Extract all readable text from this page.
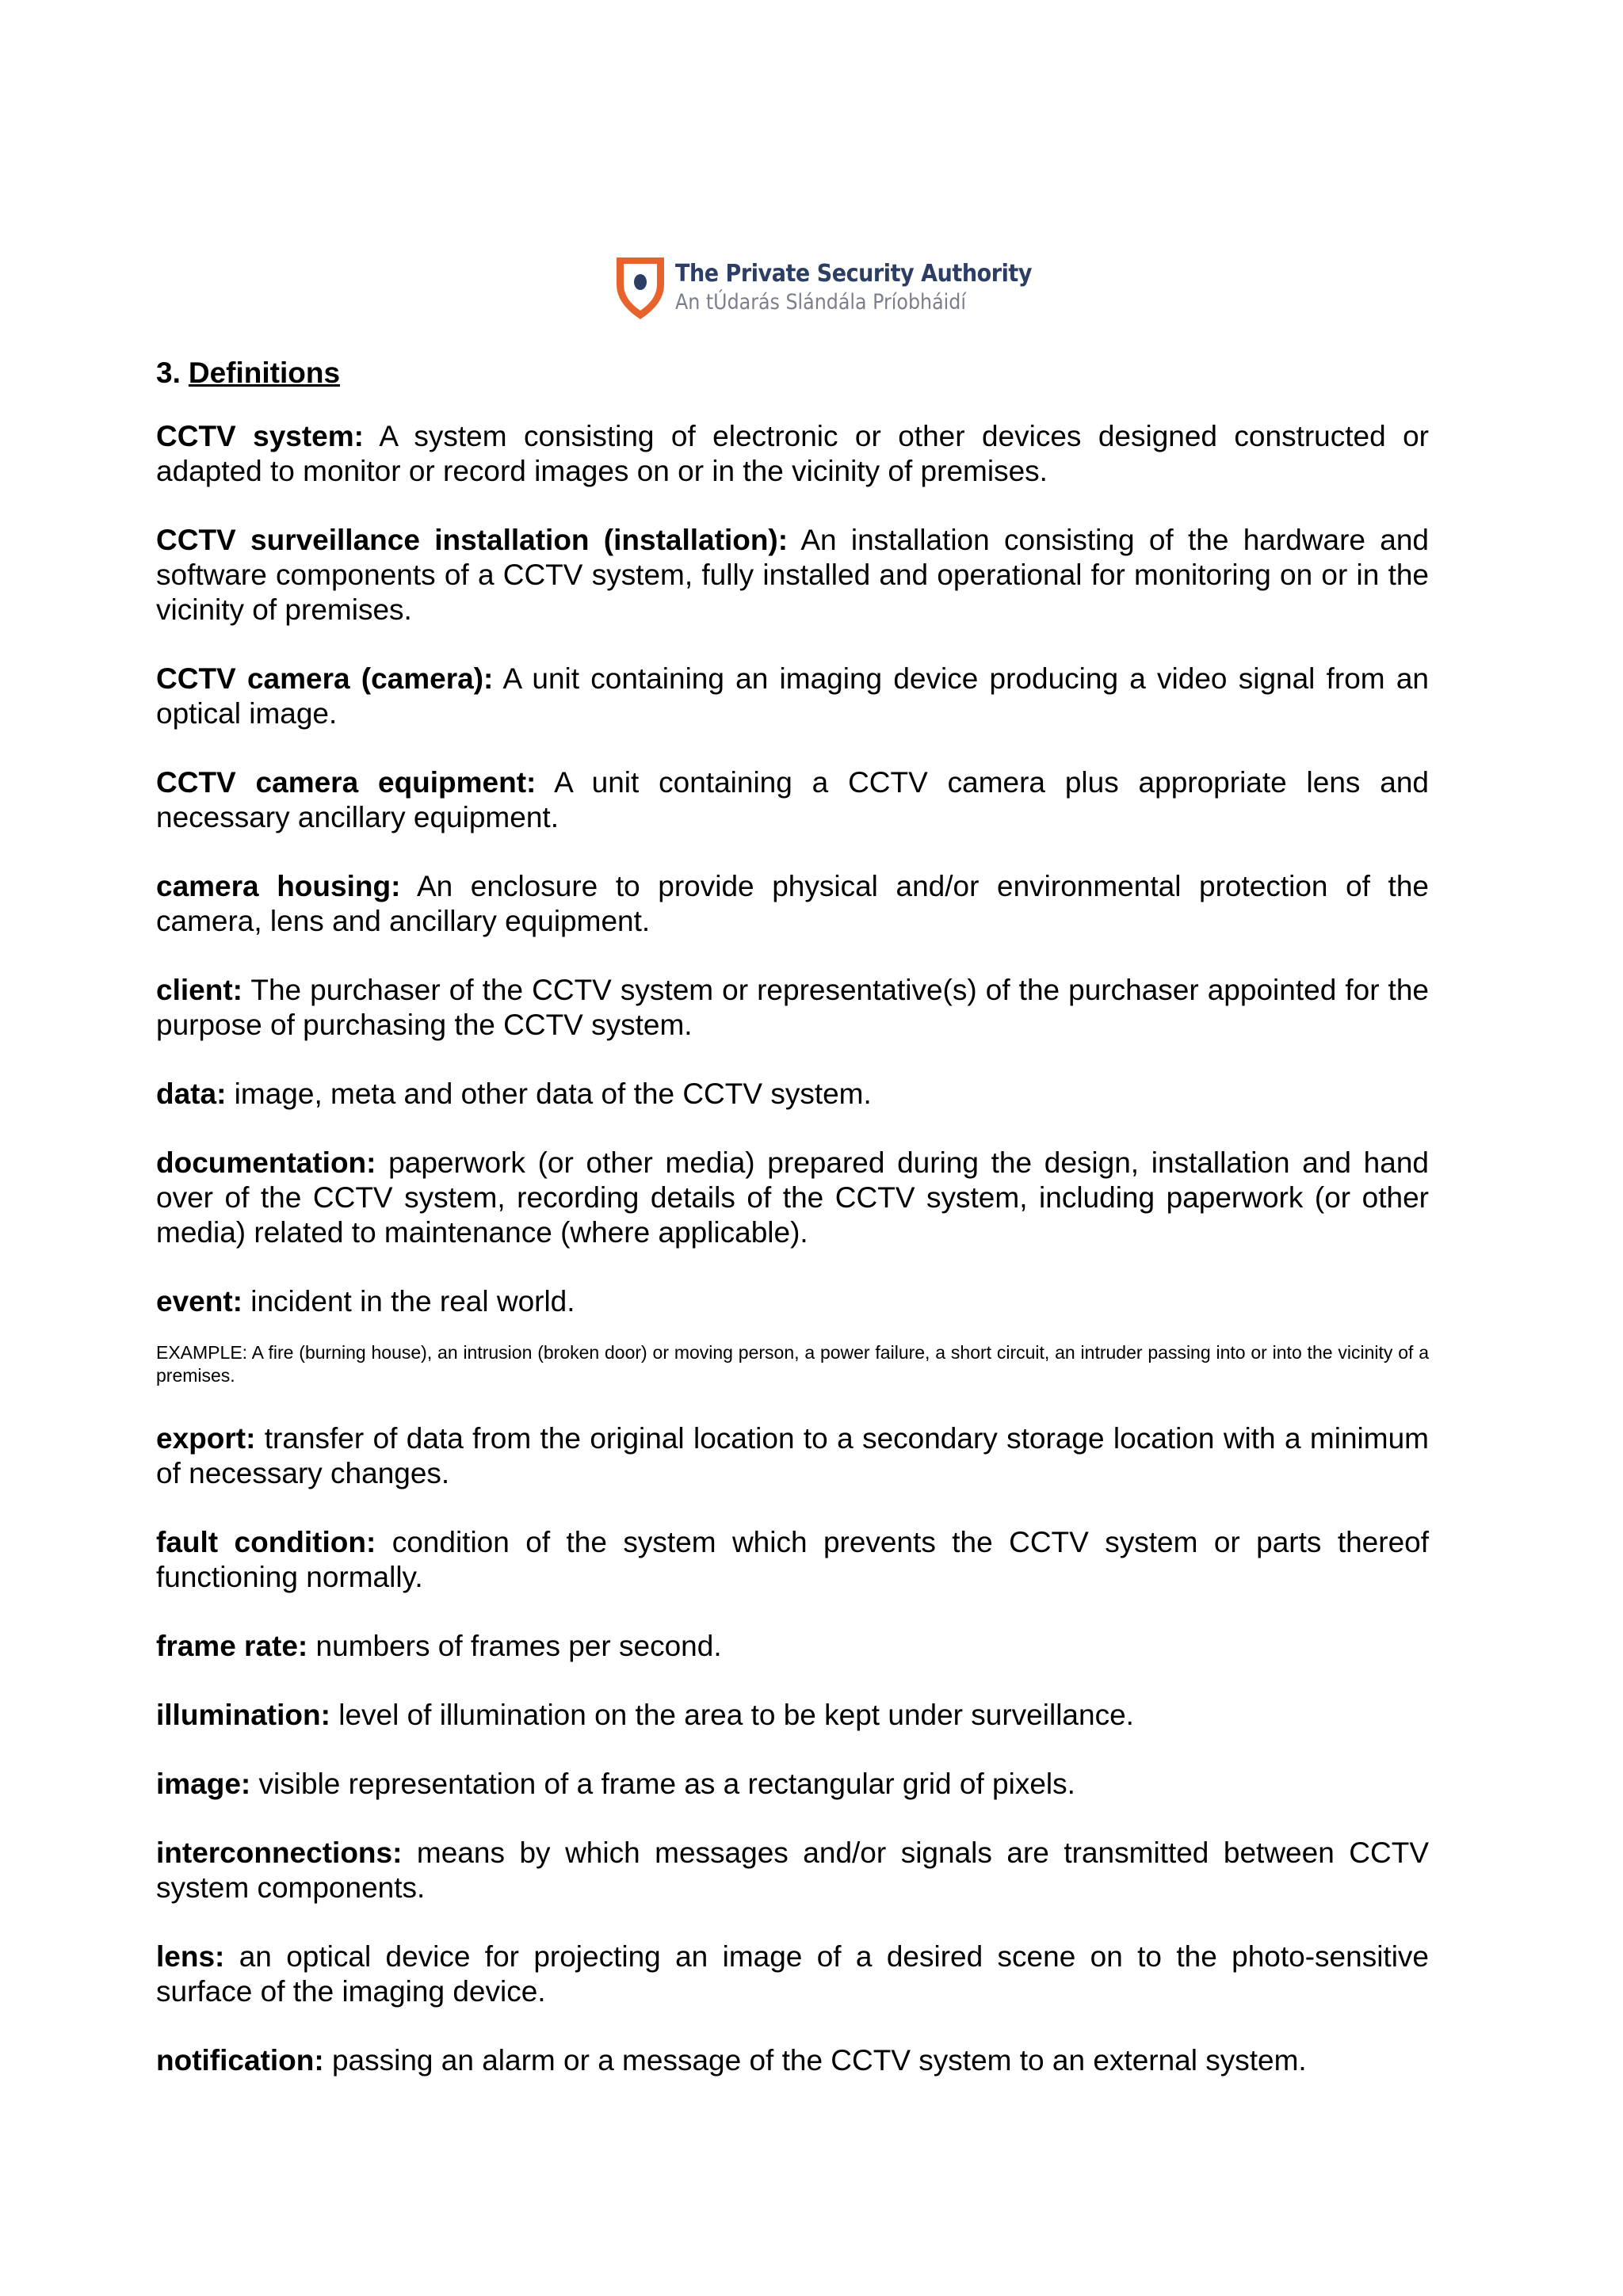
The Private Security Authority
An tÚdarás Slándála Príobháidí
3. Definitions

CCTV system: A system consisting of electronic or other devices designed constructed or adapted to monitor or record images on or in the vicinity of premises.

CCTV surveillance installation (installation): An installation consisting of the hardware and software components of a CCTV system, fully installed and operational for monitoring on or in the vicinity of premises.

CCTV camera (camera): A unit containing an imaging device producing a video signal from an optical image.

CCTV camera equipment: A unit containing a CCTV camera plus appropriate lens and necessary ancillary equipment.

camera housing: An enclosure to provide physical and/or environmental protection of the camera, lens and ancillary equipment.

client: The purchaser of the CCTV system or representative(s) of the purchaser appointed for the purpose of purchasing the CCTV system.

data: image, meta and other data of the CCTV system.

documentation: paperwork (or other media) prepared during the design, installation and hand over of the CCTV system, recording details of the CCTV system, including paperwork (or other media) related to maintenance (where applicable).

event: incident in the real world.

EXAMPLE: A fire (burning house), an intrusion (broken door) or moving person, a power failure, a short circuit, an intruder passing into or into the vicinity of a premises.

export: transfer of data from the original location to a secondary storage location with a minimum of necessary changes.

fault condition: condition of the system which prevents the CCTV system or parts thereof functioning normally.

frame rate: numbers of frames per second.

illumination: level of illumination on the area to be kept under surveillance.

image: visible representation of a frame as a rectangular grid of pixels.

interconnections: means by which messages and/or signals are transmitted between CCTV system components.

lens: an optical device for projecting an image of a desired scene on to the photo-sensitive surface of the imaging device.

notification: passing an alarm or a message of the CCTV system to an external system.
